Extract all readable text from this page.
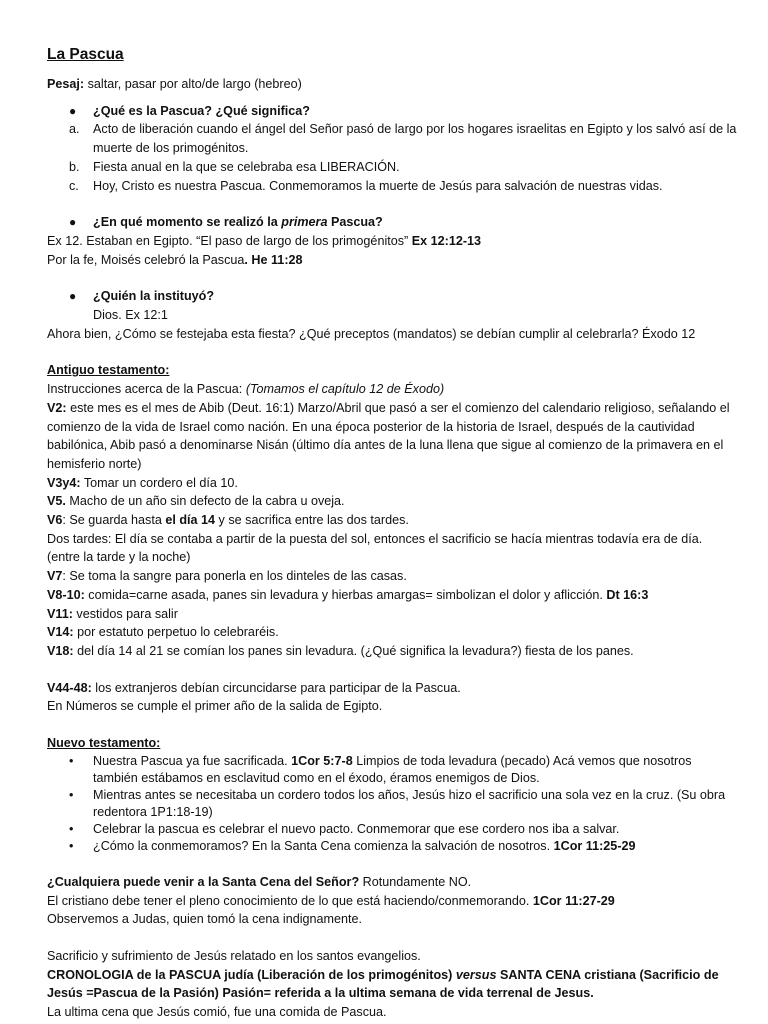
La Pascua

Pesaj: saltar, pasar por alto/de largo (hebreo)

● ¿Qué es la Pascua? ¿Qué significa?

a. Acto de liberación cuando el ángel del Señor pasó de largo por los hogares israelitas en Egipto y los salvó así de la muerte de los primogénitos.

b. Fiesta anual en la que se celebraba esa LIBERACIÓN.

c. Hoy, Cristo es nuestra Pascua. Conmemoramos la muerte de Jesús para salvación de nuestras vidas.

● ¿En qué momento se realizó la primera Pascua?

Ex 12. Estaban en Egipto. “El paso de largo de los primogénitos” Ex 12:12-13

Por la fe, Moisés celebró la Pascua. He 11:28

● ¿Quién la instituyó?

Dios. Ex 12:1

Ahora bien, ¿Cómo se festejaba esta fiesta? ¿Qué preceptos (mandatos) se debían cumplir al celebrarla? Éxodo 12

Antiguo testamento:

Instrucciones acerca de la Pascua: (Tomamos el capítulo 12 de Éxodo)

V2: este mes es el mes de Abib (Deut. 16:1) Marzo/Abril que pasó a ser el comienzo del calendario religioso, señalando el comienzo de la vida de Israel como nación. En una época posterior de la historia de Israel, después de la cautividad babilónica, Abib pasó a denominarse Nisán (último día antes de la luna llena que sigue al comienzo de la primavera en el hemisferio norte)

V3y4: Tomar un cordero el día 10.

V5. Macho de un año sin defecto de la cabra u oveja.

V6: Se guarda hasta el día 14 y se sacrifica entre las dos tardes.

Dos tardes: El día se contaba a partir de la puesta del sol, entonces el sacrificio se hacía mientras todavía era de día. (entre la tarde y la noche)

V7: Se toma la sangre para ponerla en los dinteles de las casas.

V8-10: comida=carne asada, panes sin levadura y hierbas amargas= simbolizan el dolor y aflicción. Dt 16:3

V11: vestidos para salir

V14: por estatuto perpetuo lo celebraréis.

V18: del día 14 al 21 se comían los panes sin levadura. (¿Qué significa la levadura?) fiesta de los panes.

V44-48: los extranjeros debían circuncidarse para participar de la Pascua.

En Números se cumple el primer año de la salida de Egipto.

Nuevo testamento:

• Nuestra Pascua ya fue sacrificada. 1Cor 5:7-8 Limpios de toda levadura (pecado) Acá vemos que nosotros también estábamos en esclavitud como en el éxodo, éramos enemigos de Dios.

• Mientras antes se necesitaba un cordero todos los años, Jesús hizo el sacrificio una sola vez en la cruz. (Su obra redentora 1P1:18-19)

• Celebrar la pascua es celebrar el nuevo pacto. Conmemorar que ese cordero nos iba a salvar.

• ¿Cómo la conmemoramos? En la Santa Cena comienza la salvación de nosotros. 1Cor 11:25-29

¿Cualquiera puede venir a la Santa Cena del Señor? Rotundamente NO.

El cristiano debe tener el pleno conocimiento de lo que está haciendo/conmemorando. 1Cor 11:27-29

Observemos a Judas, quien tomó la cena indignamente.

Sacrificio y sufrimiento de Jesús relatado en los santos evangelios.

CRONOLOGIA de la PASCUA judía (Liberación de los primogénitos) versus SANTA CENA cristiana (Sacrificio de Jesús =Pascua de la Pasión) Pasión= referida a la ultima semana de vida terrenal de Jesus.

La ultima cena que Jesús comió, fue una comida de Pascua.
